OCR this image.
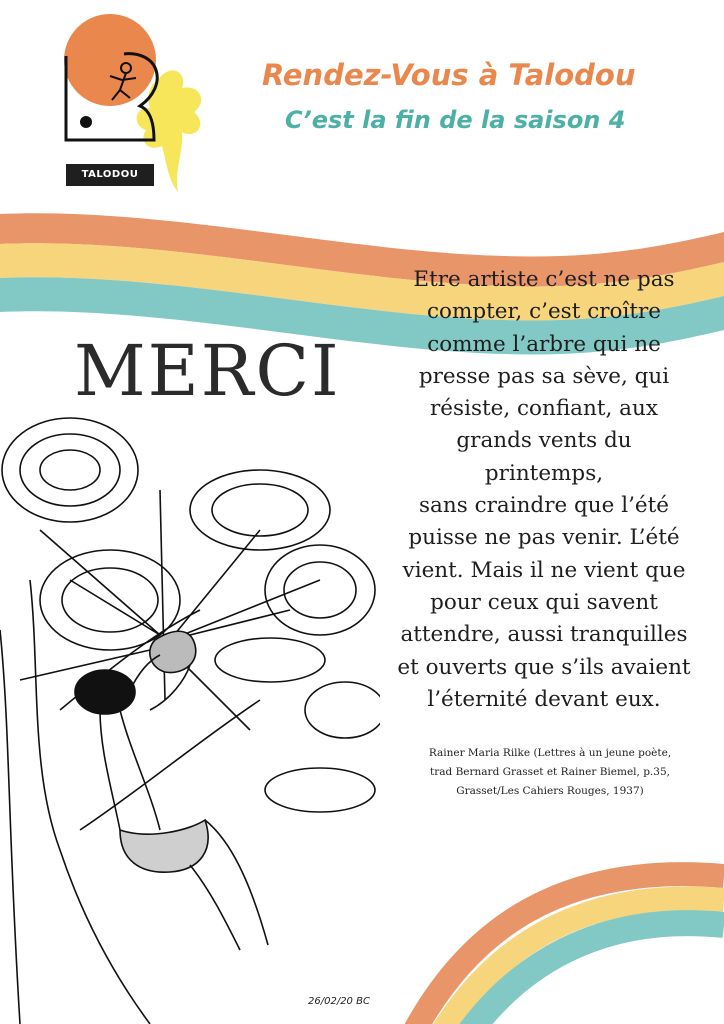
TALODOU
Rendez-Vous à Talodou
C’est la fin de la saison 4
MERCI
Etre artiste c’est ne pas
compter, c’est croître
comme l’arbre qui ne
presse pas sa sève, qui
résiste, confiant, aux
grands vents du printemps,
sans craindre que l’été
puisse ne pas venir. L’été
vient. Mais il ne vient que
pour ceux qui savent
attendre, aussi tranquilles
et ouverts que s’ils avaient
l’éternité devant eux.
Rainer Maria Rilke (Lettres à un jeune poète,
trad Bernard Grasset et Rainer Biemel, p.35,
Grasset/Les Cahiers Rouges, 1937)
26/02/20 BC
